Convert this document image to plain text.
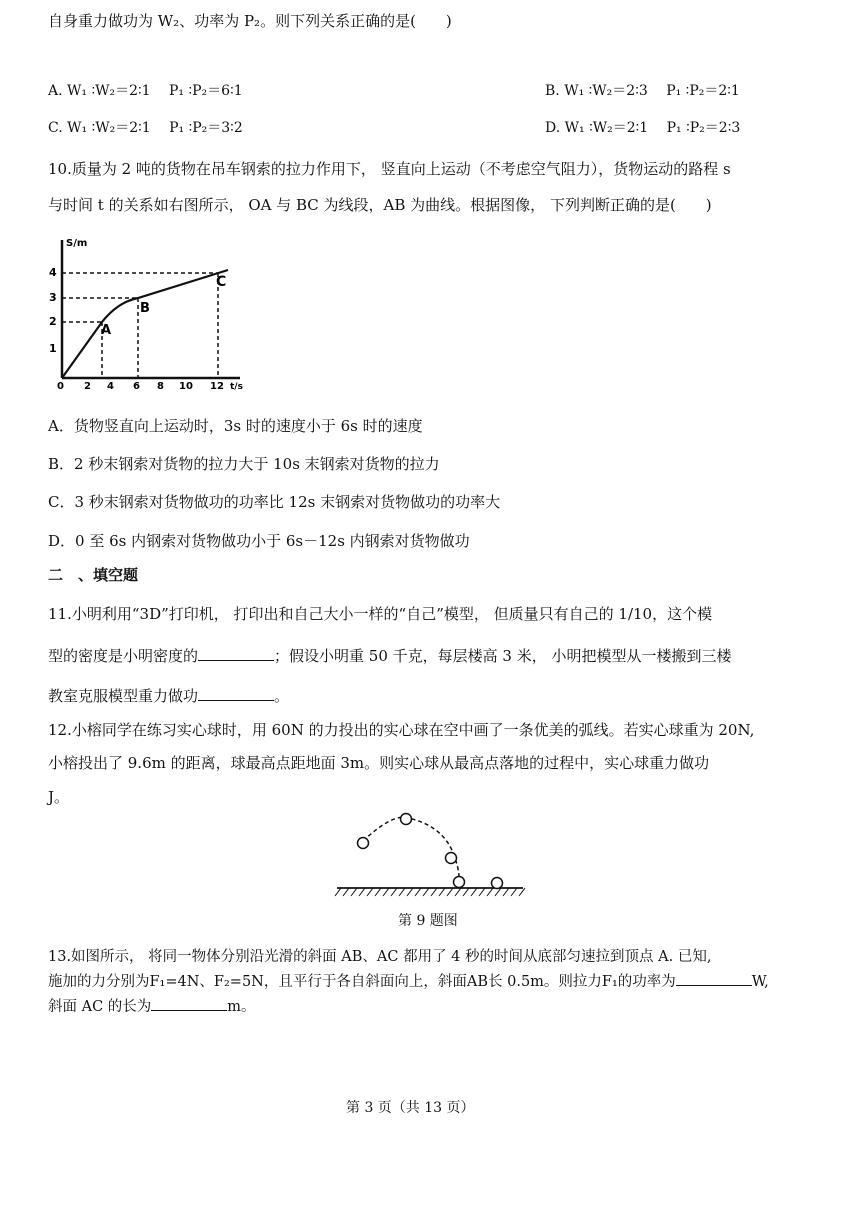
自身重力做功为 W₂、功率为 P₂。则下列关系正确的是(　　)
A. W₁ ∶W₂＝2∶1　 P₁ ∶P₂＝6∶1	B. W₁ ∶W₂＝2∶3　 P₁ ∶P₂＝2∶1
C. W₁ ∶W₂＝2∶1　 P₁ ∶P₂＝3∶2	D. W₁ ∶W₂＝2∶1　 P₁ ∶P₂＝2∶3
10.质量为 2 吨的货物在吊车钢索的拉力作用下， 竖直向上运动（不考虑空气阻力），货物运动的路程 s
与时间 t 的关系如右图所示， OA 与 BC 为线段，AB 为曲线。根据图像， 下列判断正确的是(　　)
S/m
t/s
1
2
3
4
0 2 4 6 8 10 12
A
B
C
A．货物竖直向上运动时，3s 时的速度小于 6s 时的速度
B．2 秒末钢索对货物的拉力大于 10s 末钢索对货物的拉力
C．3 秒末钢索对货物做功的功率比 12s 末钢索对货物做功的功率大
D．0 至 6s 内钢索对货物做功小于 6s－12s 内钢索对货物做功
二　、填空题
11.小明利用“3D”打印机， 打印出和自己大小一样的“自己”模型， 但质量只有自己的 1/10，这个模
型的密度是小明密度的	；假设小明重 50 千克，每层楼高 3 米， 小明把模型从一楼搬到三楼
教室克服模型重力做功	。
12.小榕同学在练习实心球时，用 60N 的力投出的实心球在空中画了一条优美的弧线。若实心球重为 20N,
小榕投出了 9.6m 的距离，球最高点距地面 3m。则实心球从最高点落地的过程中，实心球重力做功
J。
第 9 题图
13.如图所示， 将同一物体分别沿光滑的斜面 AB、AC 都用了 4 秒的时间从底部匀速拉到顶点 A. 已知,
施加的力分别为F₁=4N、F₂=5N，且平行于各自斜面向上，斜面AB长 0.5m。则拉力F₁的功率为	W,
斜面 AC 的长为	m。
第 3 页（共 13 页）
